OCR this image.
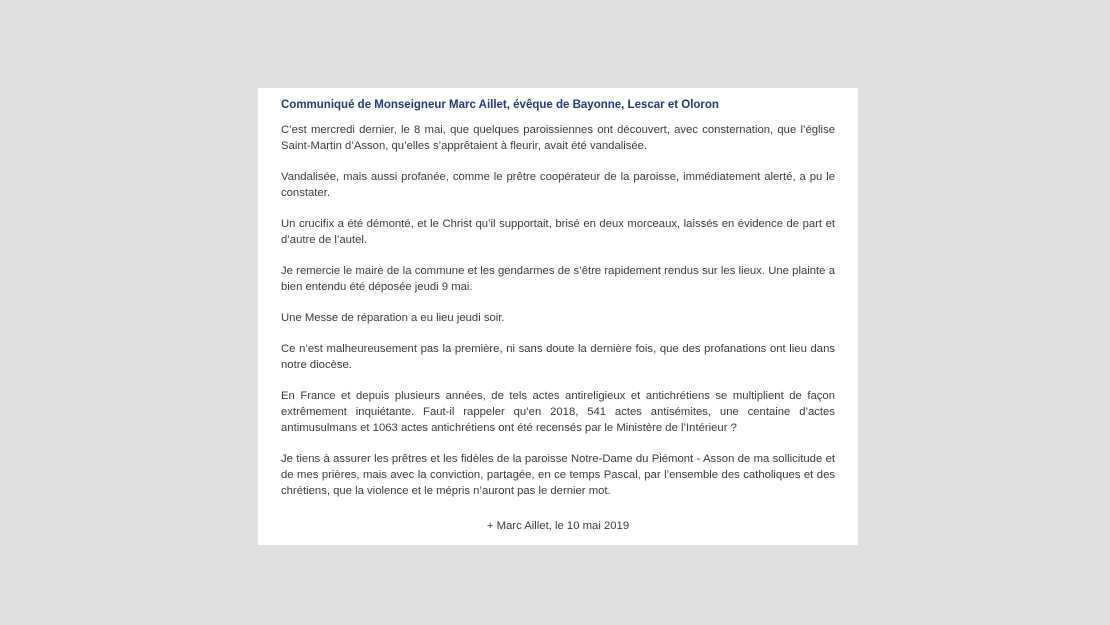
Communiqué de Monseigneur Marc Aillet, évêque de Bayonne, Lescar et Oloron

C’est mercredi dernier, le 8 mai, que quelques paroissiennes ont découvert, avec consternation, que l’église Saint-Martin d’Asson, qu’elles s’apprêtaient à fleurir, avait été vandalisée.

Vandalisée, mais aussi profanée, comme le prêtre coopérateur de la paroisse, immédiatement alerté, a pu le constater.

Un crucifix a été démonté, et le Christ qu’il supportait, brisé en deux morceaux, laissés en évidence de part et d’autre de l’autel.

Je remercie le maire de la commune et les gendarmes de s’être rapidement rendus sur les lieux. Une plainte a bien entendu été déposée jeudi 9 mai.

Une Messe de réparation a eu lieu jeudi soir.

Ce n’est malheureusement pas la première, ni sans doute la dernière fois, que des profanations ont lieu dans notre diocèse.

En France et depuis plusieurs années, de tels actes antireligieux et antichrétiens se multiplient de façon extrêmement inquiétante. Faut-il rappeler qu’en 2018, 541 actes antisémites, une centaine d’actes antimusulmans et 1063 actes antichrétiens ont été recensés par le Ministère de l’Intérieur ?

Je tiens à assurer les prêtres et les fidèles de la paroisse Notre-Dame du Piémont - Asson de ma sollicitude et de mes prières, mais avec la conviction, partagée, en ce temps Pascal, par l’ensemble des catholiques et des chrétiens, que la violence et le mépris n’auront pas le dernier mot.

+ Marc Aillet, le 10 mai 2019
